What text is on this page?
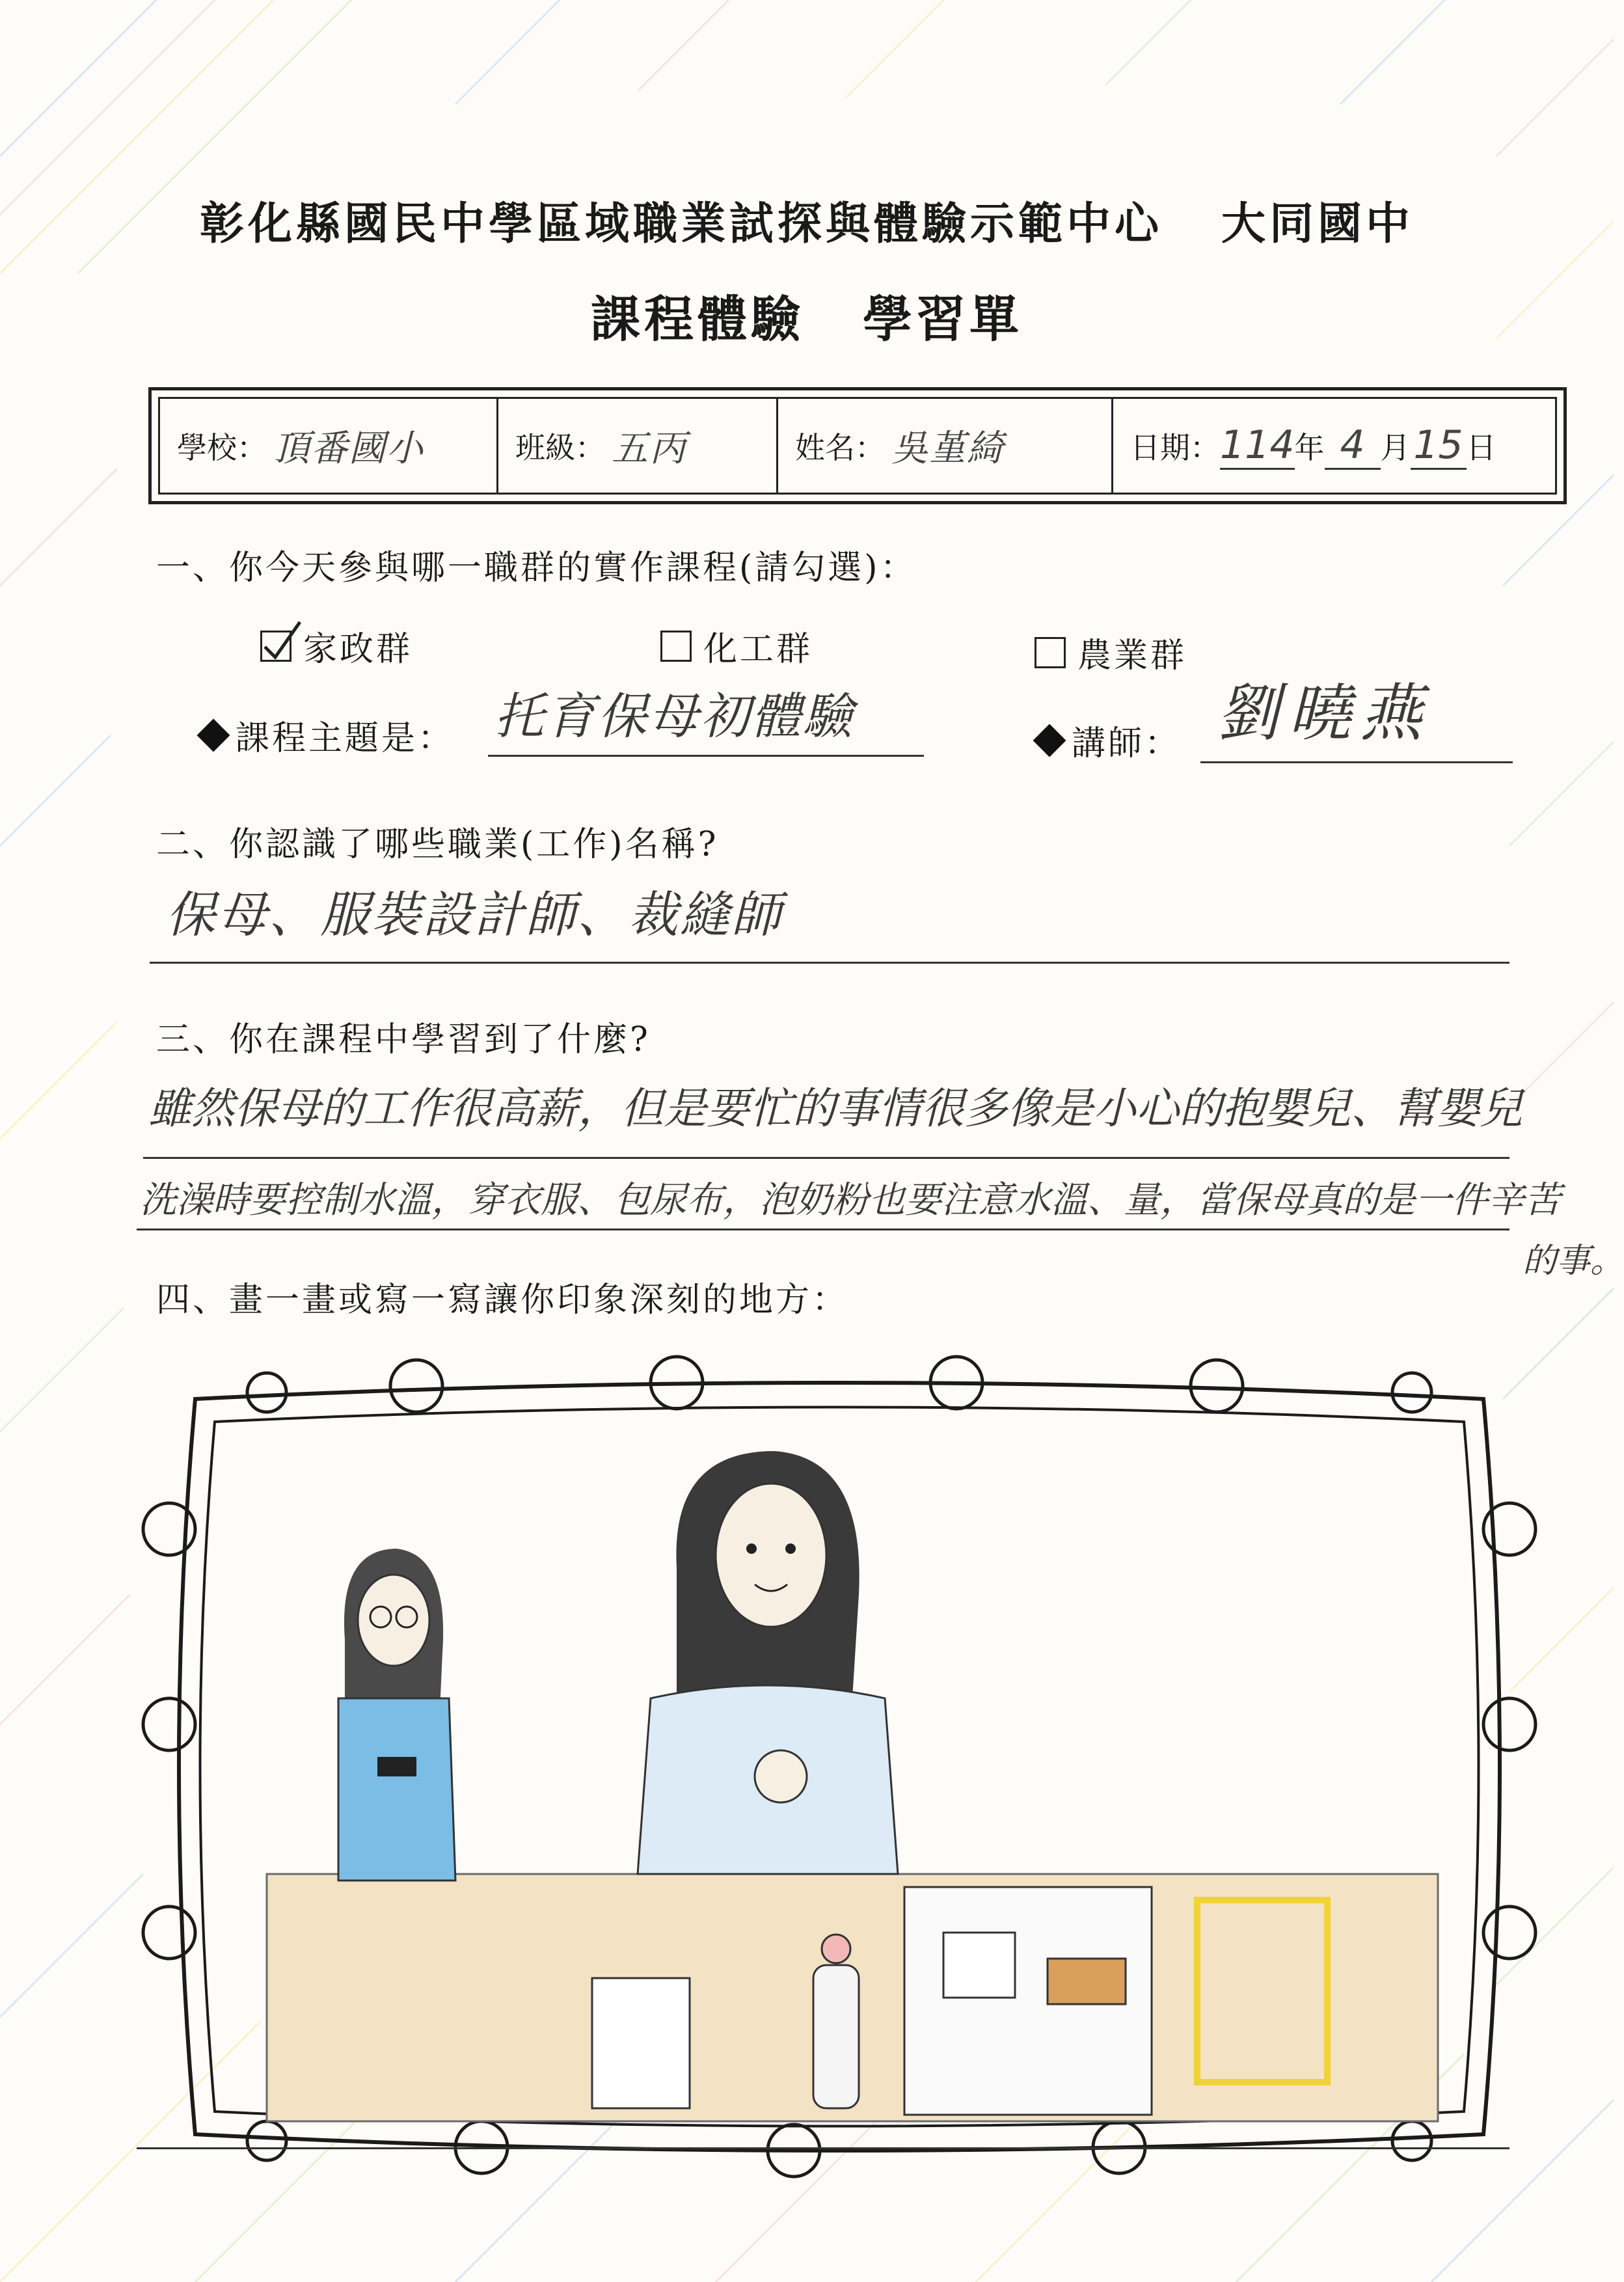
彰化縣國民中學區域職業試探與體驗示範中心 大同國中
課程體驗 學習單
學校： 頂番國小	班級： 五丙	姓名： 吳堇綺	日期： 114 年 4 月 15 日
一、你今天參與哪一職群的實作課程(請勾選)：
家政群	化工群	農業群
課程主題是： 托育保母初體驗	講師： 劉曉燕
二、你認識了哪些職業(工作)名稱?
保母、服裝設計師、裁縫師
三、你在課程中學習到了什麼?
雖然保母的工作很高薪，但是要忙的事情很多像是小心的抱嬰兒、幫嬰兒
洗澡時要控制水溫，穿衣服、包尿布，泡奶粉也要注意水溫、量，當保母真的是一件辛苦
的事。
四、畫一畫或寫一寫讓你印象深刻的地方：
